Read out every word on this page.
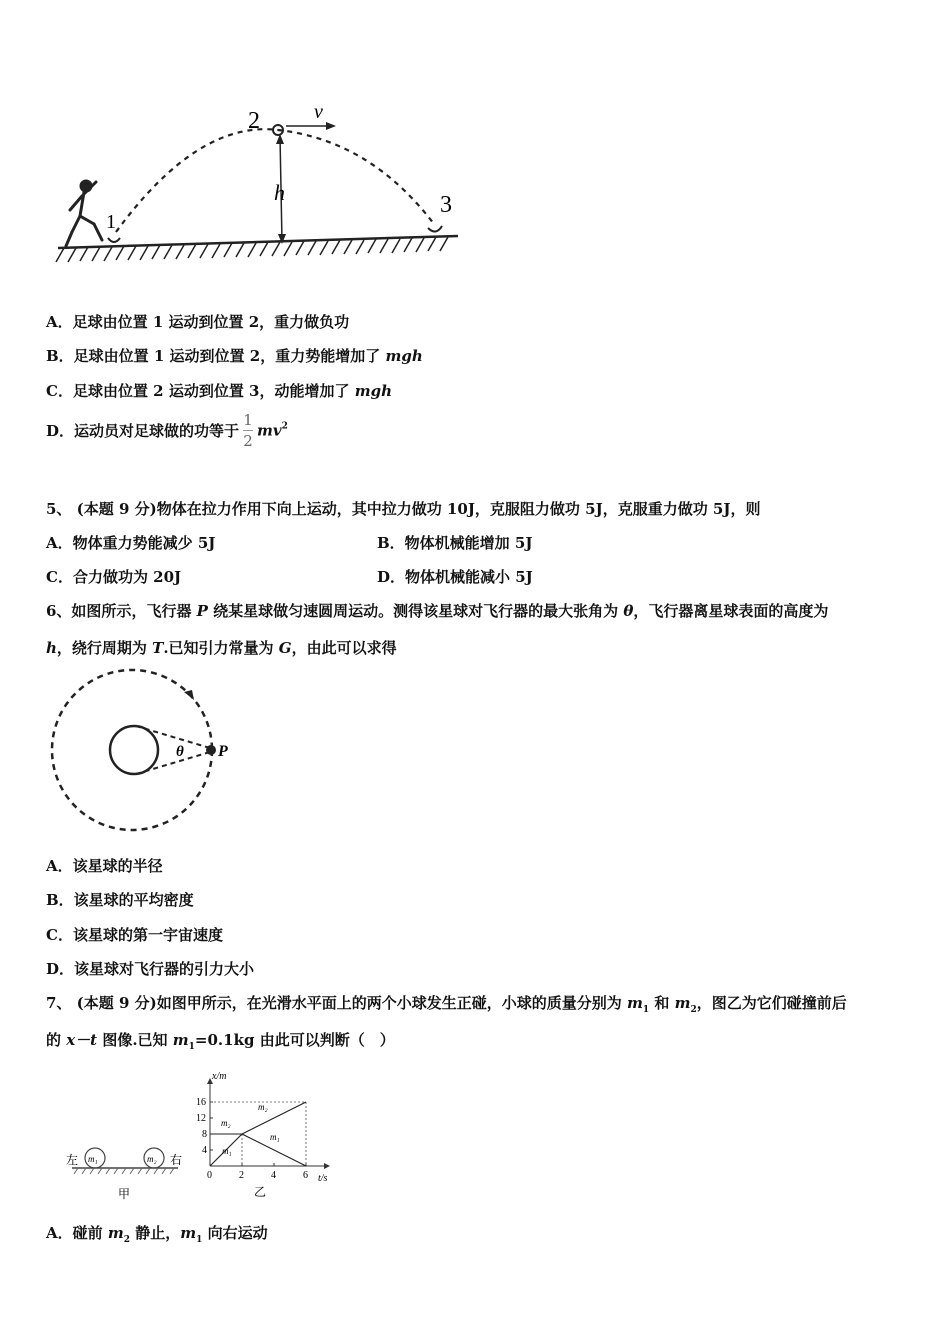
1
2
3
h
v
A．足球由位置 1 运动到位置 2，重力做负功
B．足球由位置 1 运动到位置 2，重力势能增加了 mgh
C．足球由位置 2 运动到位置 3，动能增加了 mgh
D．运动员对足球做的功等于 $\frac{1}{2} mv^2$
5、 (本题 9 分)物体在拉力作用下向上运动，其中拉力做功 10J，克服阻力做功 5J，克服重力做功 5J，则
A．物体重力势能减少 5J	B．物体机械能增加 5J
C．合力做功为 20J	D．物体机械能减小 5J
6、如图所示，飞行器 P 绕某星球做匀速圆周运动。测得该星球对飞行器的最大张角为 θ，飞行器离星球表面的高度为
h，绕行周期为 T.已知引力常量为 G，由此可以求得
θ P
A．该星球的半径
B．该星球的平均密度
C．该星球的第一宇宙速度
D．该星球对飞行器的引力大小
7、 (本题 9 分)如图甲所示，在光滑水平面上的两个小球发生正碰，小球的质量分别为 $m_1$ 和 $m_2$，图乙为它们碰撞前后
的 x－t 图像.已知 $m_1=0.1kg$ 由此可以判断（　）
m₁	m₂
左	右
甲
0	2	4	6
4
8
12
16
m₂
m₂
m₁
m₁
t/s
x/m
乙
A．碰前 $m_2$ 静止，$m_1$ 向右运动
